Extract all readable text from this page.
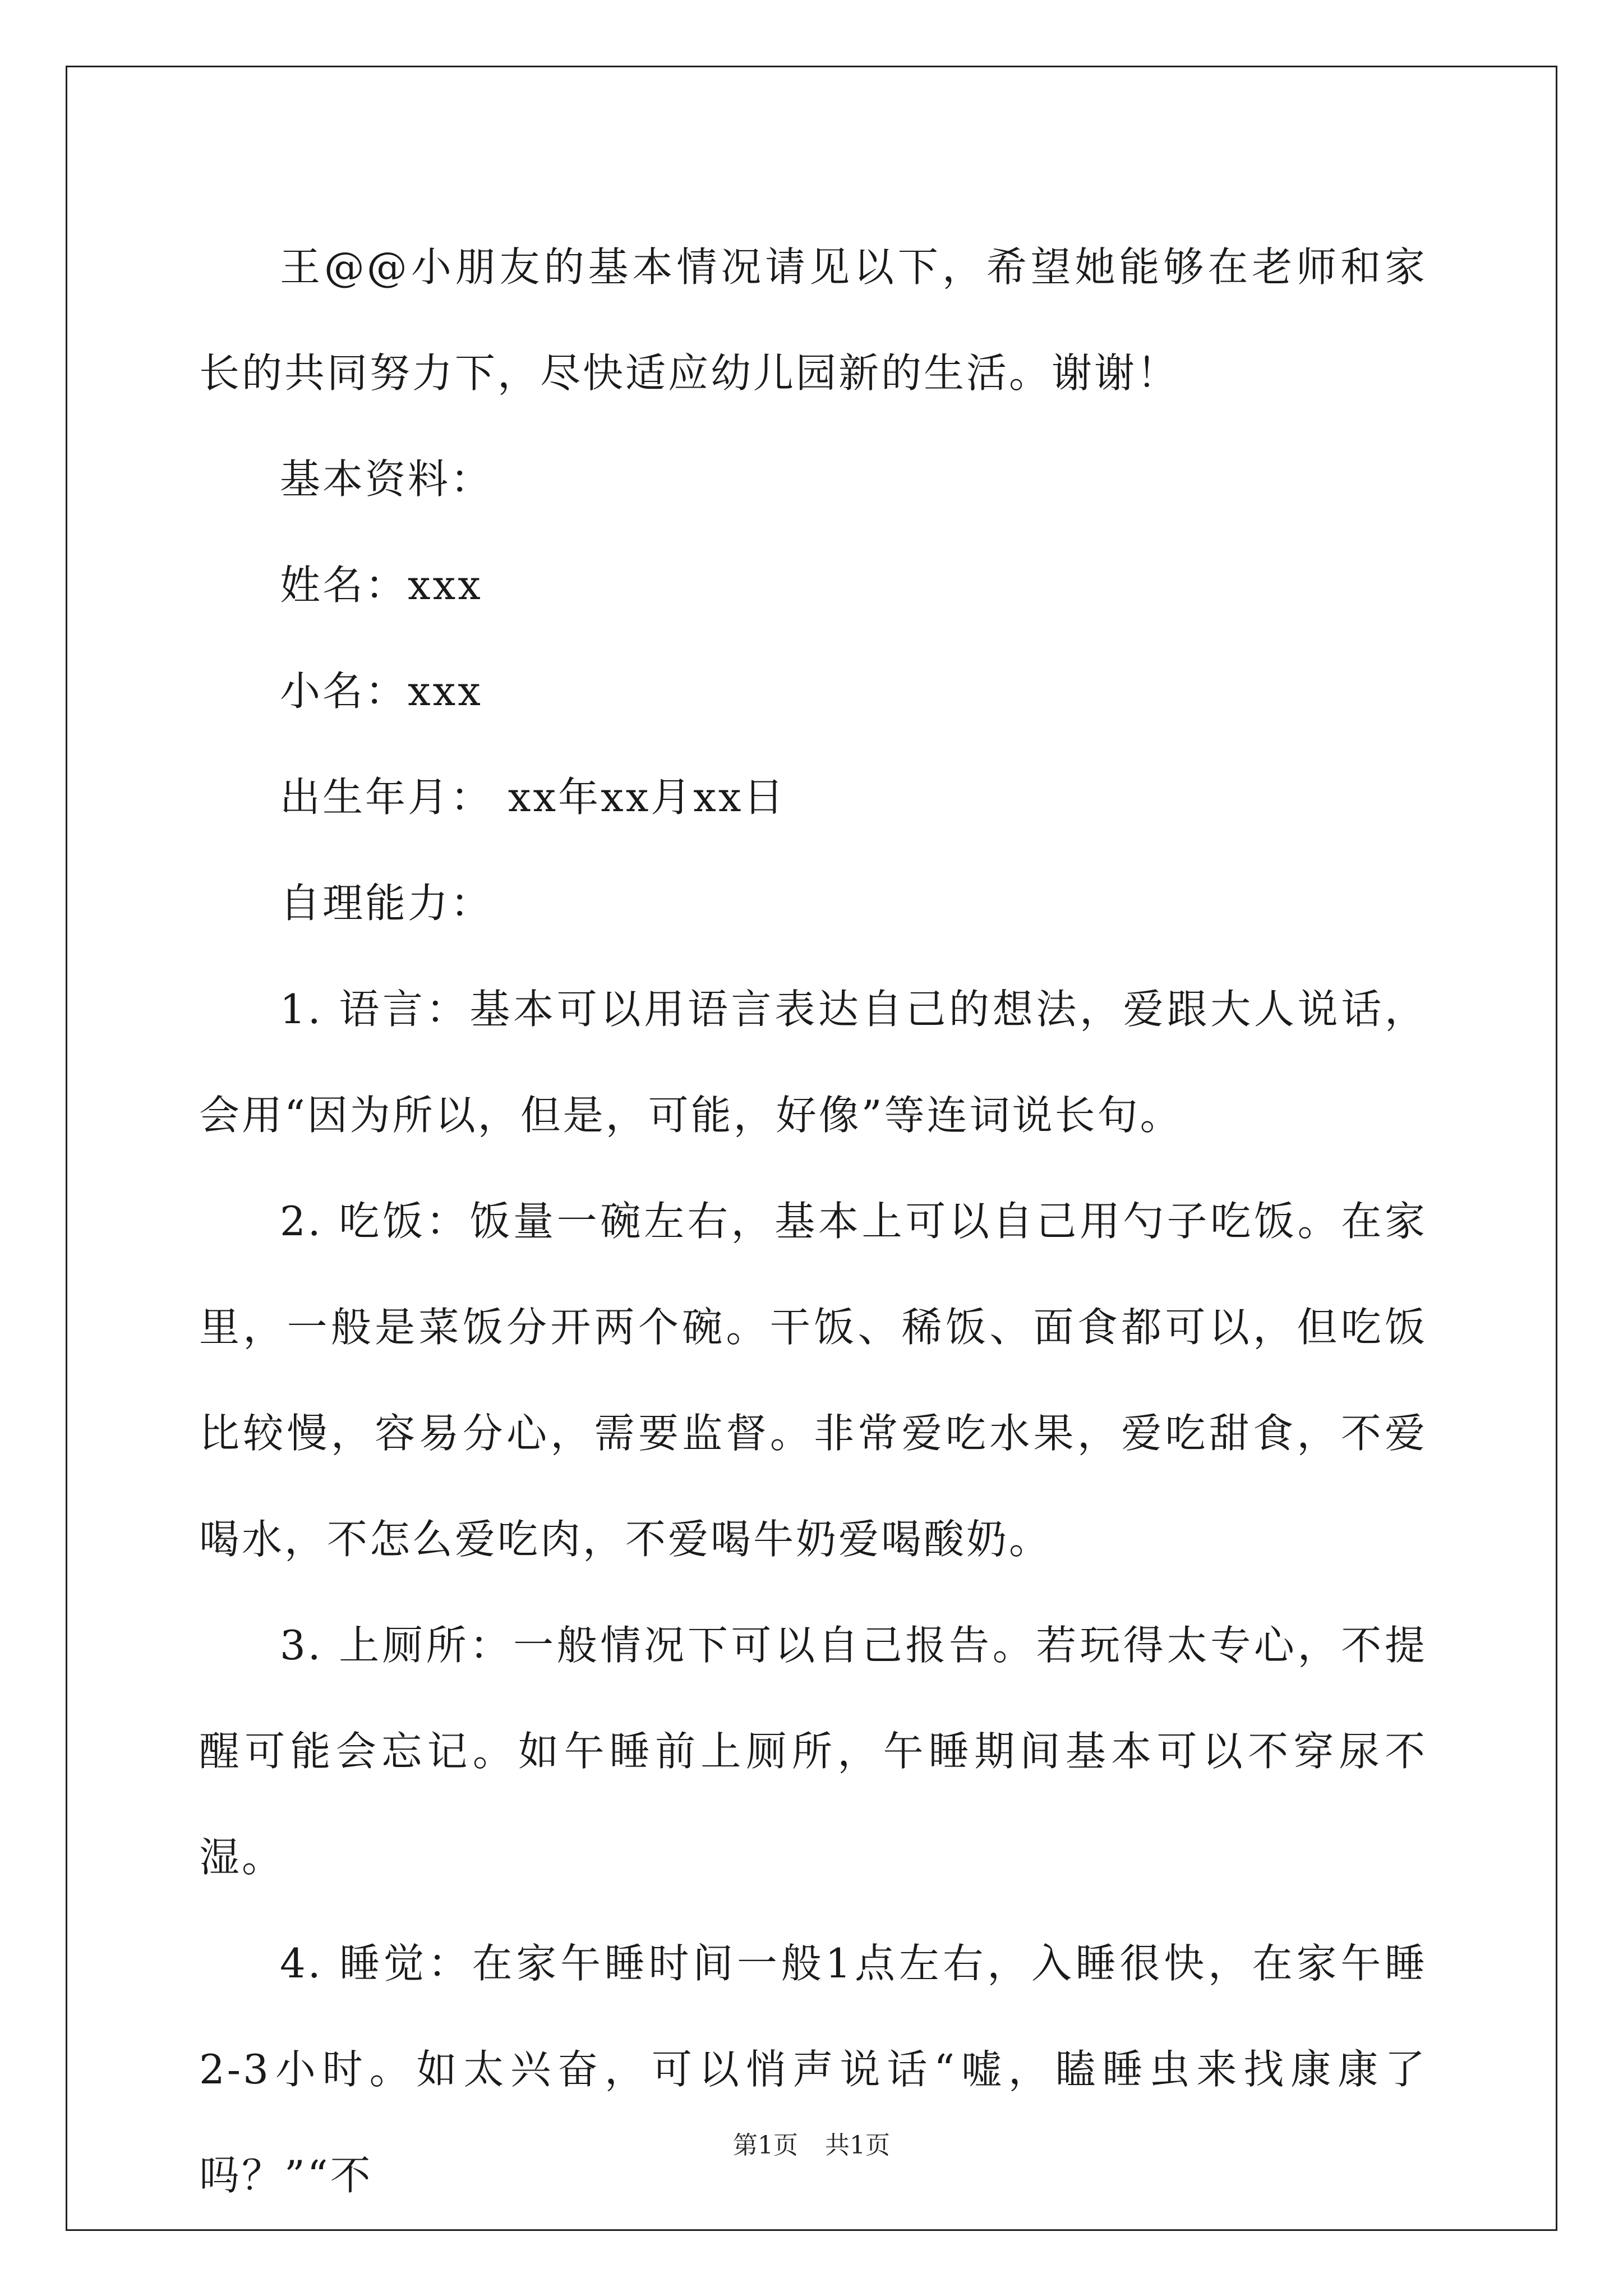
王@@小朋友的基本情况请见以下，希望她能够在老师和家长的共同努力下，尽快适应幼儿园新的生活。谢谢！

基本资料：

姓名：xxx

小名：xxx

出生年月： xx年xx月xx日

自理能力：

1. 语言：基本可以用语言表达自己的想法，爱跟大人说话，会用“因为所以，但是，可能，好像”等连词说长句。

2. 吃饭：饭量一碗左右，基本上可以自己用勺子吃饭。在家里，一般是菜饭分开两个碗。干饭、稀饭、面食都可以，但吃饭比较慢，容易分心，需要监督。非常爱吃水果，爱吃甜食，不爱喝水，不怎么爱吃肉，不爱喝牛奶爱喝酸奶。

3. 上厕所：一般情况下可以自己报告。若玩得太专心，不提醒可能会忘记。如午睡前上厕所，午睡期间基本可以不穿尿不湿。

4. 睡觉：在家午睡时间一般1点左右，入睡很快，在家午睡2-3小时。如太兴奋，可以悄声说话“嘘，瞌睡虫来找康康了吗？”“不

第1页 共1页
